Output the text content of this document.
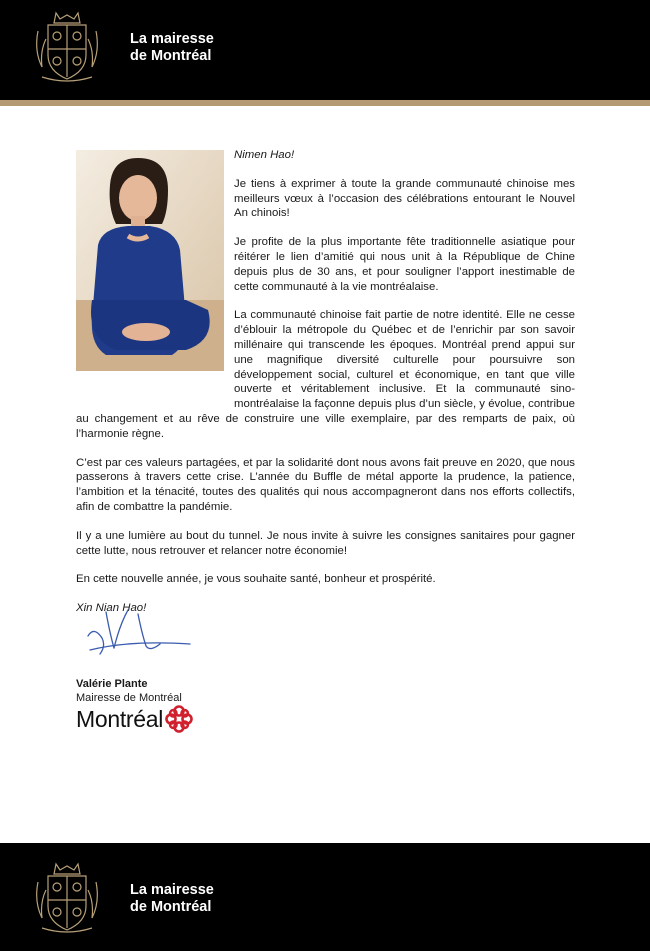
La mairesse
de Montréal

Nimen Hao!

Je tiens à exprimer à toute la grande communauté chinoise mes meilleurs vœux à l’occasion des célébrations entourant le Nouvel An chinois!

Je profite de la plus importante fête traditionnelle asiatique pour réitérer le lien d’amitié qui nous unit à la République de Chine depuis plus de 30 ans, et pour souligner l’apport inestimable de cette communauté à la vie montréalaise.

La communauté chinoise fait partie de notre identité. Elle ne cesse d’éblouir la métropole du Québec et de l’enrichir par son savoir millénaire qui transcende les époques. Montréal prend appui sur une magnifique diversité culturelle pour poursuivre son développement social, culturel et économique, en tant que ville ouverte et véritablement inclusive. Et la communauté sino-montréalaise la façonne depuis plus d’un siècle, y évolue, contribue au changement et au rêve de construire une ville exemplaire, par des remparts de paix, où l’harmonie règne.

C’est par ces valeurs partagées, et par la solidarité dont nous avons fait preuve en 2020, que nous passerons à travers cette crise. L’année du Buffle de métal apporte la prudence, la patience, l’ambition et la ténacité, toutes des qualités qui nous accompagneront dans nos efforts collectifs, afin de combattre la pandémie.

Il y a une lumière au bout du tunnel. Je nous invite à suivre les consignes sanitaires pour gagner cette lutte, nous retrouver et relancer notre économie!

En cette nouvelle année, je vous souhaite santé, bonheur et prospérité.

Xin Nian Hao!

Valérie Plante
Mairesse de Montréal
Montréal
La mairesse
de Montréal
